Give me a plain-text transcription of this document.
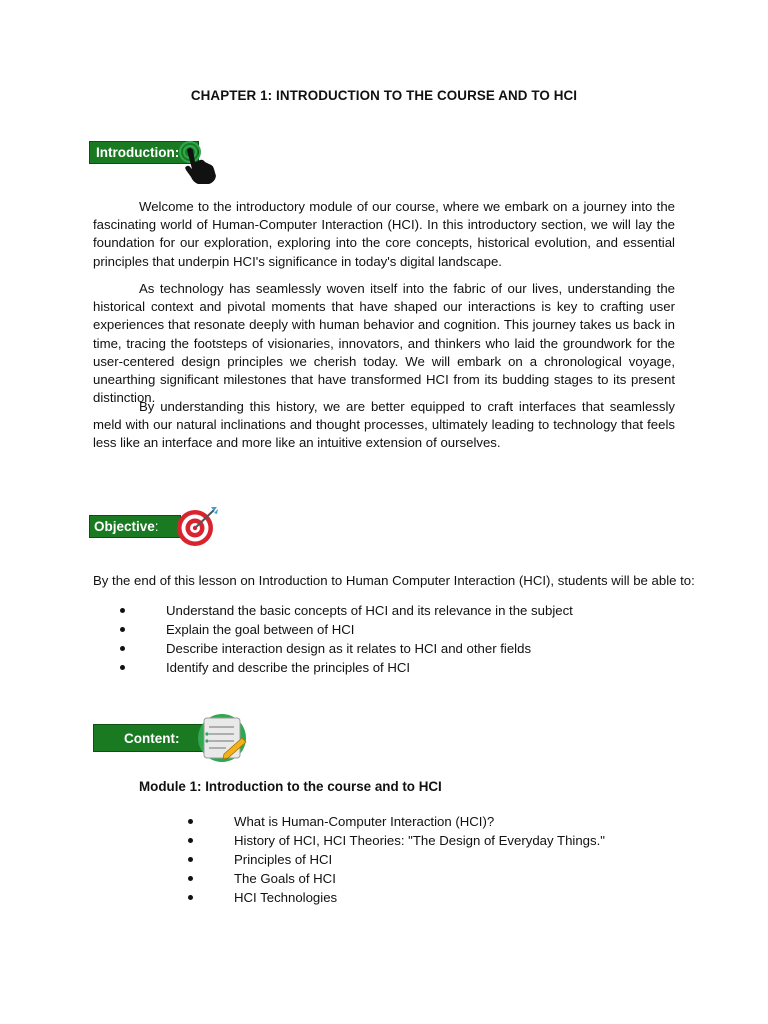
CHAPTER 1: INTRODUCTION TO THE COURSE AND TO HCI
Introduction:

Welcome to the introductory module of our course, where we embark on a journey into the fascinating world of Human-Computer Interaction (HCI). In this introductory section, we will lay the foundation for our exploration, exploring into the core concepts, historical evolution, and essential principles that underpin HCI's significance in today's digital landscape.

As technology has seamlessly woven itself into the fabric of our lives, understanding the historical context and pivotal moments that have shaped our interactions is key to crafting user experiences that resonate deeply with human behavior and cognition. This journey takes us back in time, tracing the footsteps of visionaries, innovators, and thinkers who laid the groundwork for the user-centered design principles we cherish today. We will embark on a chronological voyage, unearthing significant milestones that have transformed HCI from its budding stages to its present distinction.

By understanding this history, we are better equipped to craft interfaces that seamlessly meld with our natural inclinations and thought processes, ultimately leading to technology that feels less like an interface and more like an intuitive extension of ourselves.

Objective :

By the end of this lesson on Introduction to Human Computer Interaction (HCI), students will be able to:

Understand the basic concepts of HCI and its relevance in the subject
Explain the goal between of HCI
Describe interaction design as it relates to HCI and other fields
Identify and describe the principles of HCI
Content:

Module 1: Introduction to the course and to HCI

What is Human-Computer Interaction (HCI)?
History of HCI, HCI Theories: "The Design of Everyday Things."
Principles of HCI
The Goals of HCI
HCI Technologies
